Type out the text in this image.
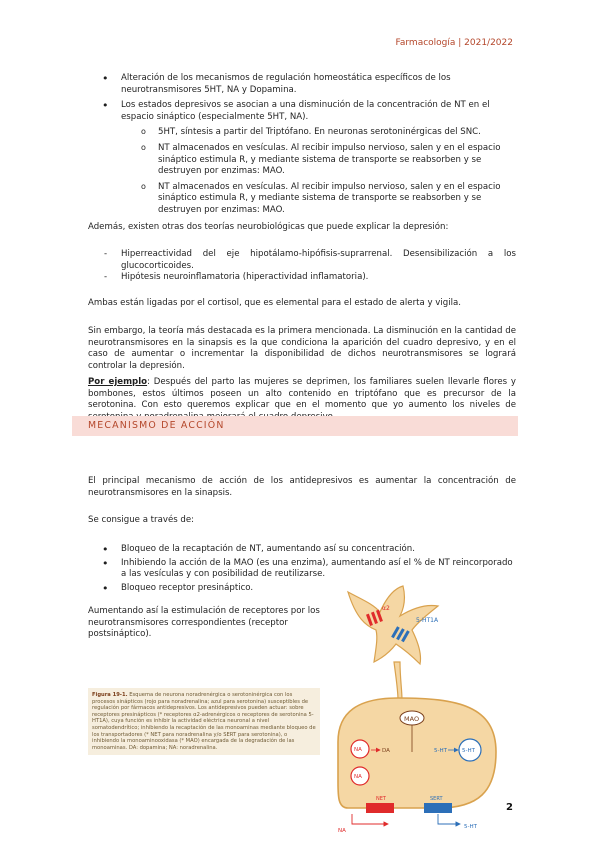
Farmacología | 2021/2022
• Alteración de los mecanismos de regulación homeostática específicos de los neurotransmisores 5HT, NA y Dopamina.
• Los estados depresivos se asocian a una disminución de la concentración de NT en el espacio sináptico (especialmente 5HT, NA).
o 5HT, síntesis a partir del Triptófano. En neuronas serotoninérgicas del SNC.
o NT almacenados en vesículas. Al recibir impulso nervioso, salen y en el espacio sináptico estimula R, y mediante sistema de transporte se reabsorben y se destruyen por enzimas: MAO.
o NT almacenados en vesículas. Al recibir impulso nervioso, salen y en el espacio sináptico estimula R, y mediante sistema de transporte se reabsorben y se destruyen por enzimas: MAO.
Además, existen otras dos teorías neurobiológicas que puede explicar la depresión:
- Hiperreactividad del eje hipotálamo-hipófisis-suprarrenal. Desensibilización a los glucocorticoides.
- Hipótesis neuroinflamatoria (hiperactividad inflamatoria).
Ambas están ligadas por el cortisol, que es elemental para el estado de alerta y vigila.
Sin embargo, la teoría más destacada es la primera mencionada. La disminución en la cantidad de neurotransmisores en la sinapsis es la que condiciona la aparición del cuadro depresivo, y en el caso de aumentar o incrementar la disponibilidad de dichos neurotransmisores se logrará controlar la depresión.
Por ejemplo: Después del parto las mujeres se deprimen, los familiares suelen llevarle flores y bombones, estos últimos poseen un alto contenido en triptófano que es precursor de la serotonina. Con esto queremos explicar que en el momento que yo aumento los niveles de
MECANISMO DE ACCIÓN
El principal mecanismo de acción de los antidepresivos es aumentar la concentración de neurotransmisores en la sinapsis.
Se consigue a través de:
• Bloqueo de la recaptación de NT, aumentando así su concentración.
• Inhibiendo la acción de la MAO (es una enzima), aumentando así el % de NT reincorporado a las vesículas y con posibilidad de reutilizarse.
• Bloqueo receptor presináptico.
Aumentando así la estimulación de receptores por los neurotransmisores correspondientes (receptor postsináptico).
Figura 19-1. Esquema de neurona noradrenérgica o serotoninérgica con los procesos sinápticos (rojo para noradrenalina; azul para serotonina) susceptibles de regulación por fármacos antidepresivos. Los antidepresivos pueden actuar: sobre receptores presinápticos (* receptores α2-adrenérgicos o receptores de serotonina 5-HT1A), cuya función es inhibir la actividad eléctrica neuronal a nivel somatodendrítico; inhibiendo la recaptación de las monoaminas mediante bloqueo de los transportadores (* NET para noradrenalina y/o SERT para serotonina), o inhibiendo la monoaminooxidasa (* MAO) encargada de la degradación de las monoaminas. DA: dopamina; NA: noradrenalina.
α2
5-HT1A
MAO
NA
NA
5-HT
DA	5-HT
NET	SERT
NA
5-HT
2
